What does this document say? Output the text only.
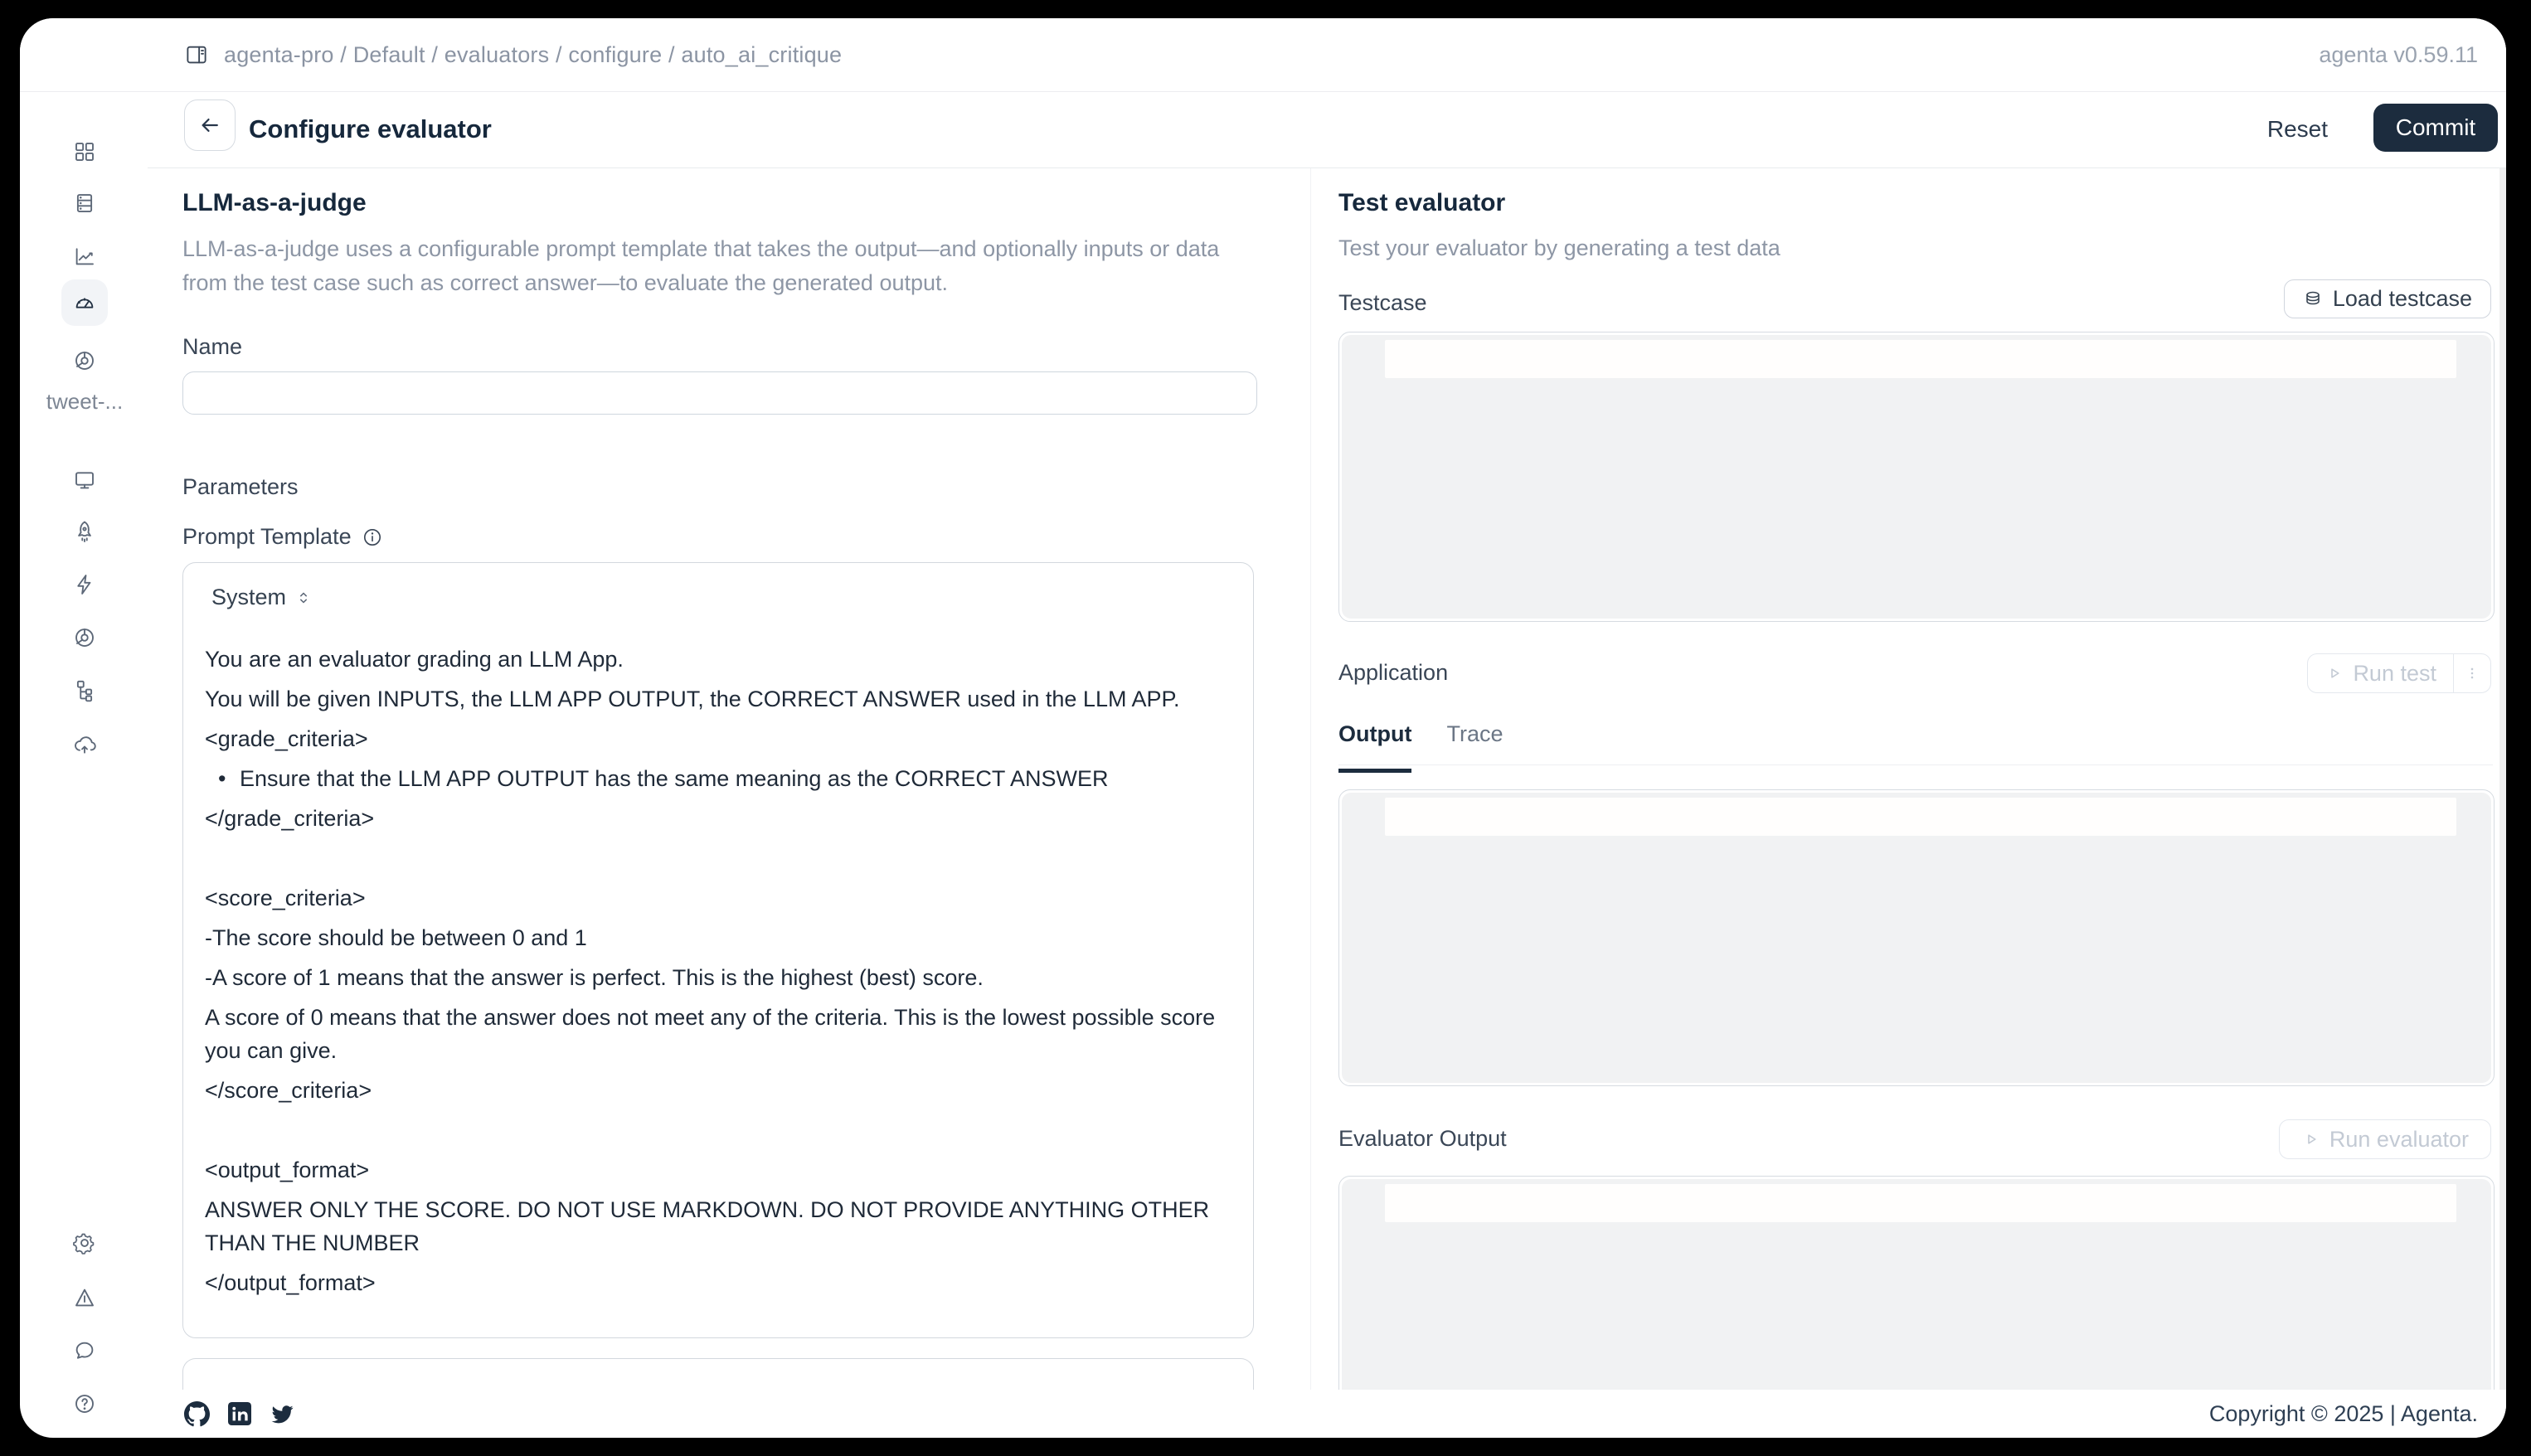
agenta-pro / Default / evaluators / configure / auto_ai_critique	agenta v0.59.11
tweet-...
Configure evaluator	Reset	Commit
LLM-as-a-judge
LLM-as-a-judge uses a configurable prompt template that takes the output—and optionally inputs or data from the test case such as correct answer—to evaluate the generated output.
Name
Parameters
Prompt Template
System
You are an evaluator grading an LLM App.
You will be given INPUTS, the LLM APP OUTPUT, the CORRECT ANSWER used in the LLM APP.
<grade_criteria>
• Ensure that the LLM APP OUTPUT has the same meaning as the CORRECT ANSWER
</grade_criteria>

<score_criteria>
-The score should be between 0 and 1
-A score of 1 means that the answer is perfect. This is the highest (best) score.
A score of 0 means that the answer does not meet any of the criteria. This is the lowest possible score you can give.
</score_criteria>

<output_format>
ANSWER ONLY THE SCORE. DO NOT USE MARKDOWN. DO NOT PROVIDE ANYTHING OTHER THAN THE NUMBER
</output_format>
Test evaluator
Test your evaluator by generating a test data
Testcase	Load testcase
Application	Run test
Output Trace
Evaluator Output	Run evaluator
Copyright © 2025 | Agenta.
